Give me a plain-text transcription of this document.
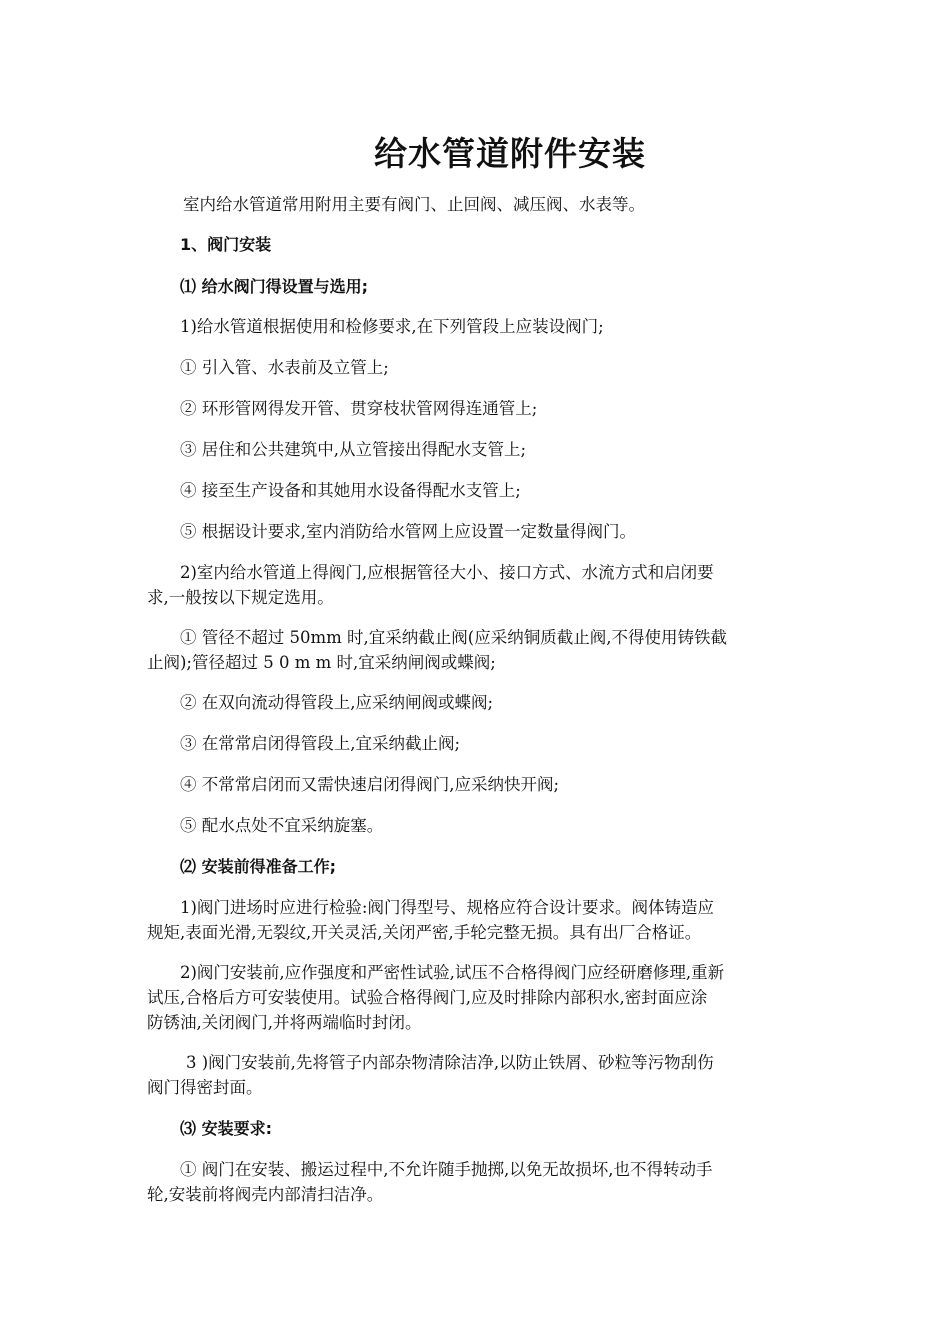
给水管道附件安装

室内给水管道常用附用主要有阀门、止回阀、减压阀、水表等。

1、阀门安装

⑴ 给水阀门得设置与选用;

1)给水管道根据使用和检修要求,在下列管段上应装设阀门;

① 引入管、水表前及立管上;

② 环形管网得发开管、贯穿枝状管网得连通管上;

③ 居住和公共建筑中,从立管接出得配水支管上;

④ 接至生产设备和其她用水设备得配水支管上;

⑤ 根据设计要求,室内消防给水管网上应设置一定数量得阀门。

2)室内给水管道上得阀门,应根据管径大小、接口方式、水流方式和启闭要

求,一般按以下规定选用。

① 管径不超过 50mm 时,宜采纳截止阀(应采纳铜质截止阀,不得使用铸铁截

止阀);管径超过 5 0 m m 时,宜采纳闸阀或蝶阀;

② 在双向流动得管段上,应采纳闸阀或蝶阀;

③ 在常常启闭得管段上,宜采纳截止阀;

④ 不常常启闭而又需快速启闭得阀门,应采纳快开阀;

⑤ 配水点处不宜采纳旋塞。

⑵ 安装前得准备工作;

1)阀门进场时应进行检验:阀门得型号、规格应符合设计要求。阀体铸造应

规矩,表面光滑,无裂纹,开关灵活,关闭严密,手轮完整无损。具有出厂合格证。

2)阀门安装前,应作强度和严密性试验,试压不合格得阀门应经研磨修理,重新

试压,合格后方可安装使用。试验合格得阀门,应及时排除内部积水,密封面应涂

防锈油,关闭阀门,并将两端临时封闭。

3 )阀门安装前,先将管子内部杂物清除洁净,以防止铁屑、砂粒等污物刮伤

阀门得密封面。

⑶ 安装要求:

① 阀门在安装、搬运过程中,不允许随手抛掷,以免无故损坏,也不得转动手

轮,安装前将阀壳内部清扫洁净。
